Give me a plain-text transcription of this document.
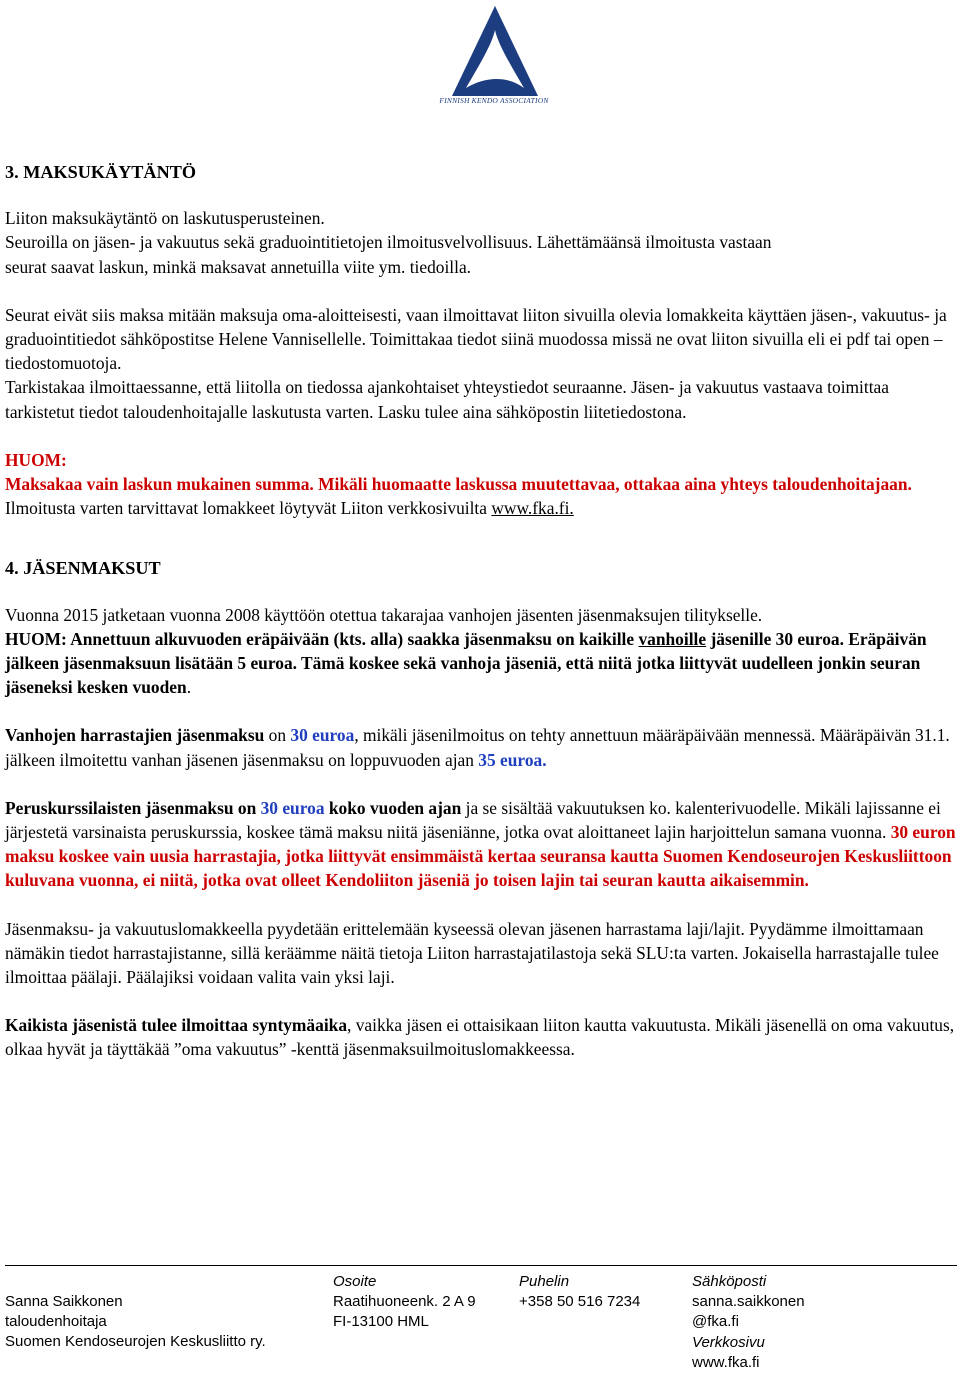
FINNISH KENDO ASSOCIATION

3. MAKSUKÄYTÄNTÖ

Liiton maksukäytäntö on laskutusperusteinen.

Seuroilla on jäsen- ja vakuutus sekä graduointitietojen ilmoitusvelvollisuus. Lähettämäänsä ilmoitusta vastaan

seurat saavat laskun, minkä maksavat annetuilla viite ym. tiedoilla.

Seurat eivät siis maksa mitään maksuja oma-aloitteisesti, vaan ilmoittavat liiton sivuilla olevia lomakkeita käyttäen jäsen-, vakuutus- ja graduointitiedot sähköpostitse Helene Vannisellelle. Toimittakaa tiedot siinä muodossa missä ne ovat liiton sivuilla eli ei pdf tai open – tiedostomuotoja.

Tarkistakaa ilmoittaessanne, että liitolla on tiedossa ajankohtaiset yhteystiedot seuraanne. Jäsen- ja vakuutus vastaava toimittaa tarkistetut tiedot taloudenhoitajalle laskutusta varten. Lasku tulee aina sähköpostin liitetiedostona.

HUOM:

Maksakaa vain laskun mukainen summa. Mikäli huomaatte laskussa muutettavaa, ottakaa aina yhteys taloudenhoitajaan.

Ilmoitusta varten tarvittavat lomakkeet löytyvät Liiton verkkosivuilta www.fka.fi.

4. JÄSENMAKSUT

Vuonna 2015 jatketaan vuonna 2008 käyttöön otettua takarajaa vanhojen jäsenten jäsenmaksujen tilitykselle.
HUOM: Annettuun alkuvuoden eräpäivään (kts. alla) saakka jäsenmaksu on kaikille vanhoille jäsenille 30 euroa. Eräpäivän jälkeen jäsenmaksuun lisätään 5 euroa. Tämä koskee sekä vanhoja jäseniä, että niitä jotka liittyvät uudelleen jonkin seuran jäseneksi kesken vuoden.

Vanhojen harrastajien jäsenmaksu on 30 euroa, mikäli jäsenilmoitus on tehty annettuun määräpäivään mennessä. Määräpäivän 31.1. jälkeen ilmoitettu vanhan jäsenen jäsenmaksu on loppuvuoden ajan 35 euroa.

Peruskurssilaisten jäsenmaksu on 30 euroa koko vuoden ajan ja se sisältää vakuutuksen ko. kalenterivuodelle. Mikäli lajissanne ei järjestetä varsinaista peruskurssia, koskee tämä maksu niitä jäseniänne, jotka ovat aloittaneet lajin harjoittelun samana vuonna. 30 euron maksu koskee vain uusia harrastajia, jotka liittyvät ensimmäistä kertaa seuransa kautta Suomen Kendoseurojen Keskusliittoon kuluvana vuonna, ei niitä, jotka ovat olleet Kendoliiton jäseniä jo toisen lajin tai seuran kautta aikaisemmin.

Jäsenmaksu- ja vakuutuslomakkeella pyydetään erittelemään kyseessä olevan jäsenen harrastama laji/lajit. Pyydämme ilmoittamaan nämäkin tiedot harrastajistanne, sillä keräämme näitä tietoja Liiton harrastajatilastoja sekä SLU:ta varten. Jokaisella harrastajalle tulee ilmoittaa päälaji. Päälajiksi voidaan valita vain yksi laji.

Kaikista jäsenistä tulee ilmoittaa syntymäaika, vaikka jäsen ei ottaisikaan liiton kautta vakuutusta. Mikäli jäsenellä on oma vakuutus, olkaa hyvät ja täyttäkää ”oma vakuutus” -kenttä jäsenmaksuilmoituslomakkeessa.

Sanna Saikkonen
taloudenhoitaja
Suomen Kendoseurojen Keskusliitto ry.
Osoite
Raatihuoneenk. 2 A 9
FI-13100 HML
Puhelin
+358 50 516 7234
Sähköposti
sanna.saikkonen
@fka.fi
Verkkosivu
www.fka.fi
